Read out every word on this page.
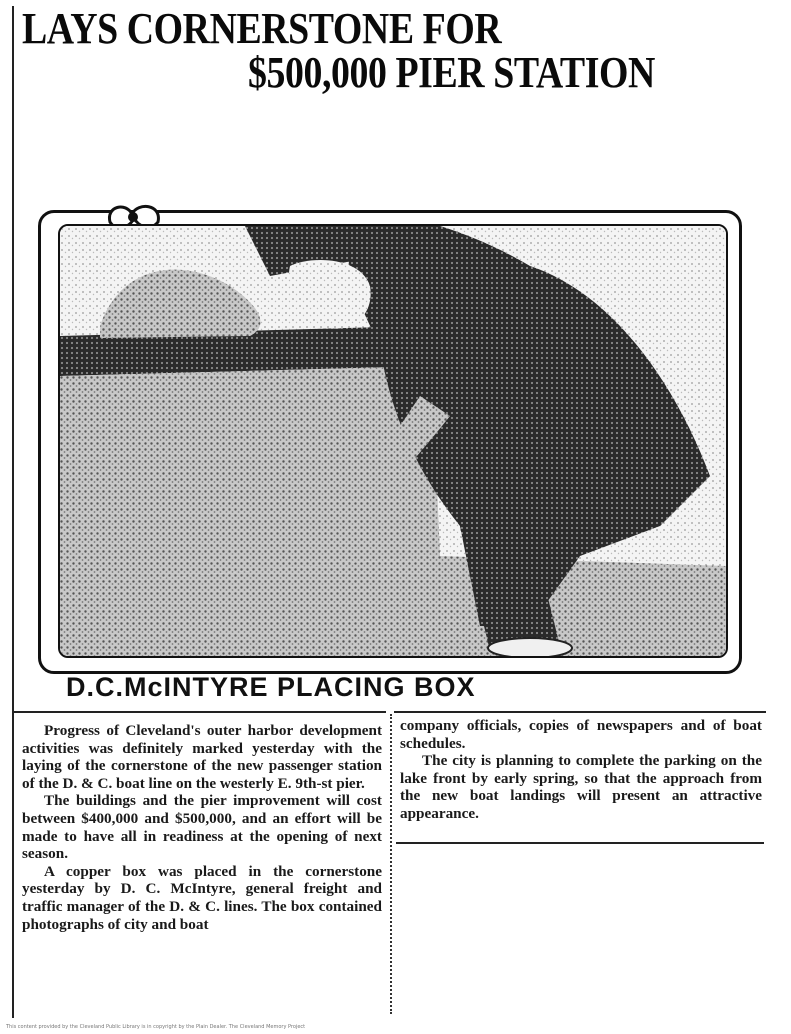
LAYS CORNERSTONE FOR
$500,000 PIER STATION

D.C.McINTYRE PLACING BOX

Progress of Cleveland's outer harbor development activities was definitely marked yesterday with the laying of the cornerstone of the new passenger station of the D. & C. boat line on the westerly E. 9th-st pier.

The buildings and the pier improvement will cost between $400,000 and $500,000, and an effort will be made to have all in readiness at the opening of next season.

A copper box was placed in the cornerstone yesterday by D. C. McIntyre, general freight and traffic manager of the D. & C. lines. The box contained photographs of city and boat

company officials, copies of newspapers and of boat schedules.

The city is planning to complete the parking on the lake front by early spring, so that the approach from the new boat landings will present an attractive appearance.

This content provided by the Cleveland Public Library is in copyright by the Plain Dealer. The Cleveland Memory Project
